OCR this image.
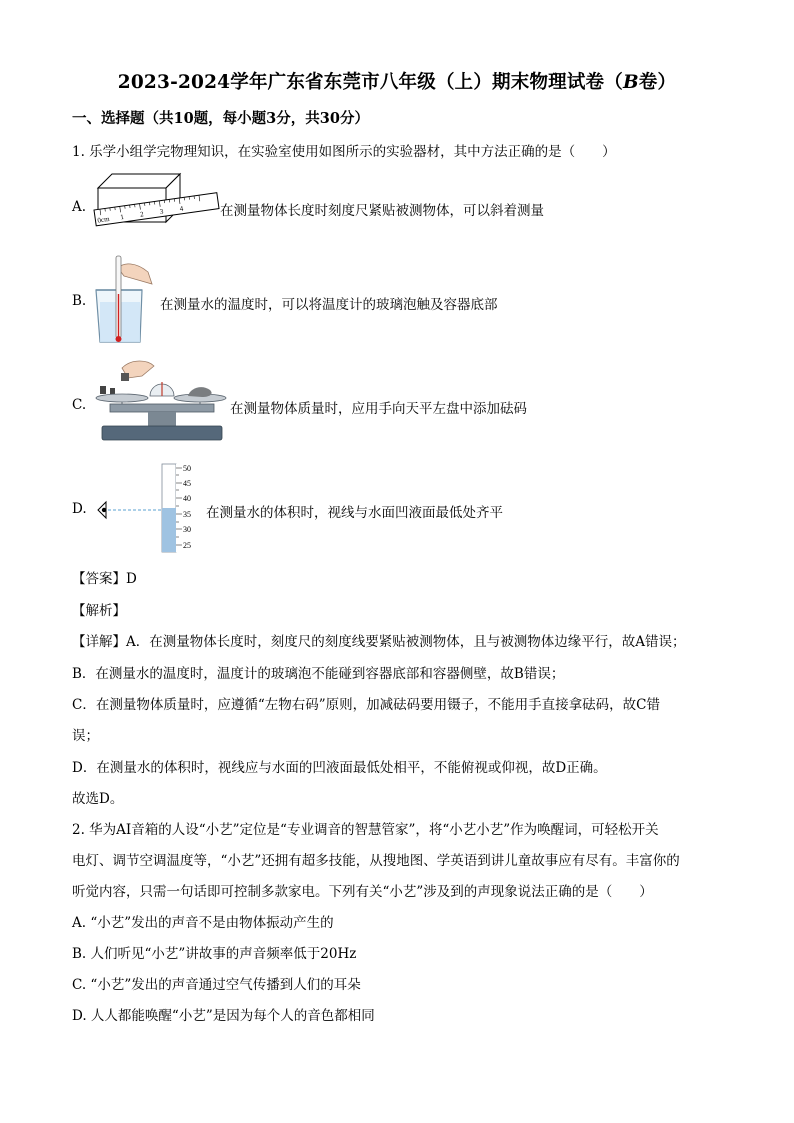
2023-2024学年广东省东莞市八年级（上）期末物理试卷（B卷）
一、选择题（共10题，每小题3分，共30分）
1. 乐学小组学完物理知识，在实验室使用如图所示的实验器材，其中方法正确的是（　　）
A.
0cm 1 2 3 4	在测量物体长度时刻度尺紧贴被测物体，可以斜着测量
B.	在测量水的温度时，可以将温度计的玻璃泡触及容器底部
C.	在测量物体质量时，应用手向天平左盘中添加砝码
D.
50
45
40
35
30
25
在测量水的体积时，视线与水面凹液面最低处齐平
【答案】D
【解析】
【详解】A．在测量物体长度时，刻度尺的刻度线要紧贴被测物体，且与被测物体边缘平行，故A错误；
B．在测量水的温度时，温度计的玻璃泡不能碰到容器底部和容器侧壁，故B错误；
C．在测量物体质量时，应遵循“左物右码”原则，加减砝码要用镊子，不能用手直接拿砝码，故C错
误；
D．在测量水的体积时，视线应与水面的凹液面最低处相平，不能俯视或仰视，故D正确。
故选D。
2. 华为AI音箱的人设“小艺”定位是“专业调音的智慧管家”，将“小艺小艺”作为唤醒词，可轻松开关
电灯、调节空调温度等，“小艺”还拥有超多技能，从搜地图、学英语到讲儿童故事应有尽有。丰富你的
听觉内容，只需一句话即可控制多款家电。下列有关“小艺”涉及到的声现象说法正确的是（　　）
A. “小艺”发出的声音不是由物体振动产生的
B. 人们听见“小艺”讲故事的声音频率低于20Hz
C. “小艺”发出的声音通过空气传播到人们的耳朵
D. 人人都能唤醒“小艺”是因为每个人的音色都相同
